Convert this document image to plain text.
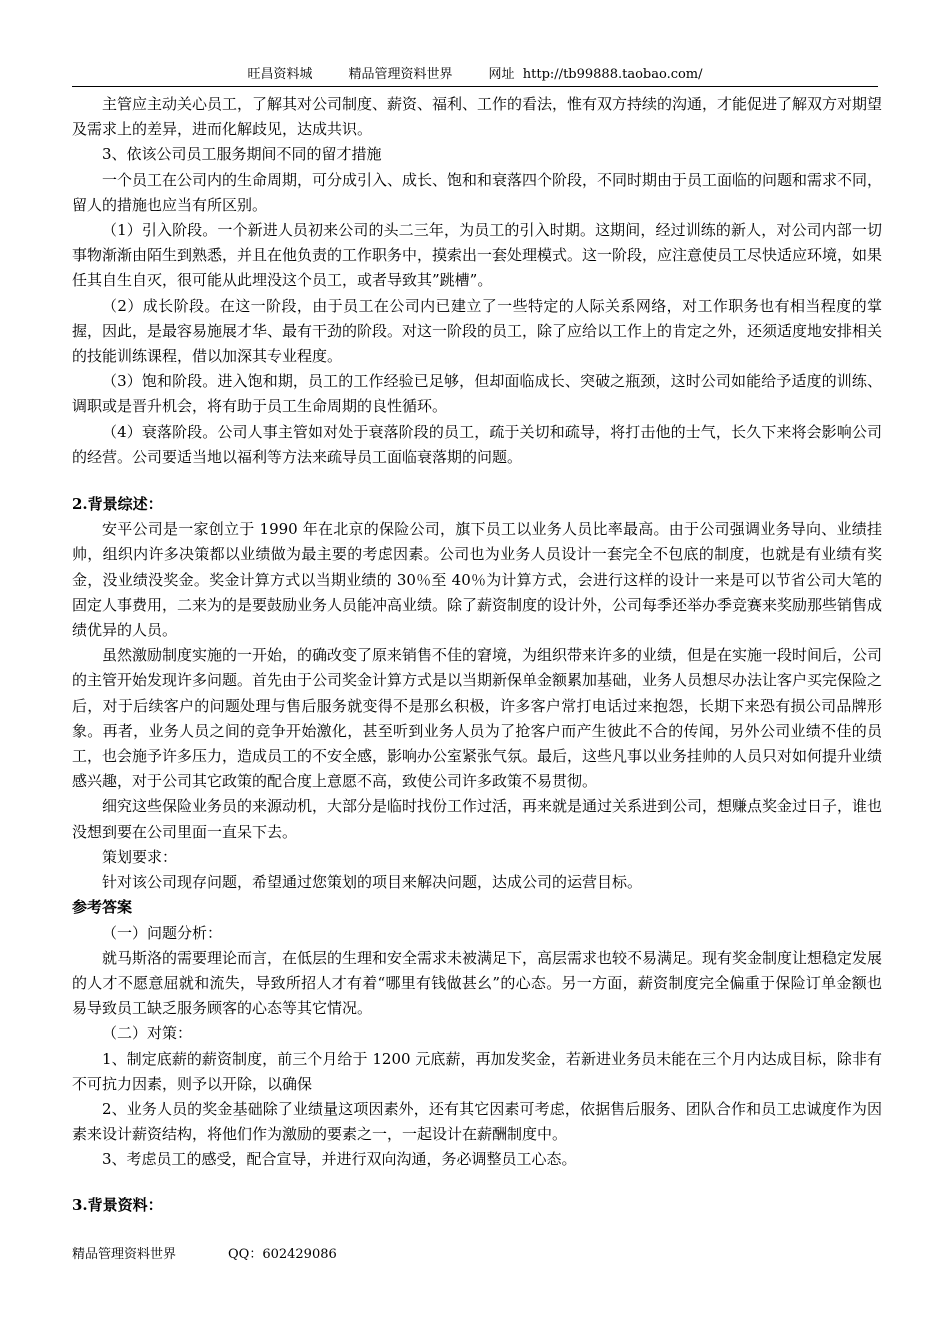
旺昌资料城	精品管理资料世界	网址 http://tb99888.taobao.com/

主管应主动关心员工，了解其对公司制度、薪资、福利、工作的看法，惟有双方持续的沟通，才能促进了解双方对期望及需求上的差异，进而化解歧见，达成共识。

3、依该公司员工服务期间不同的留才措施

一个员工在公司内的生命周期，可分成引入、成长、饱和和衰落四个阶段，不同时期由于员工面临的问题和需求不同，留人的措施也应当有所区别。

（1）引入阶段。一个新进人员初来公司的头二三年，为员工的引入时期。这期间，经过训练的新人，对公司内部一切事物渐渐由陌生到熟悉，并且在他负责的工作职务中，摸索出一套处理模式。这一阶段，应注意使员工尽快适应环境，如果任其自生自灭，很可能从此埋没这个员工，或者导致其”跳槽”。

（2）成长阶段。在这一阶段，由于员工在公司内已建立了一些特定的人际关系网络，对工作职务也有相当程度的掌握，因此，是最容易施展才华、最有干劲的阶段。对这一阶段的员工，除了应给以工作上的肯定之外，还须适度地安排相关的技能训练课程，借以加深其专业程度。

（3）饱和阶段。进入饱和期，员工的工作经验已足够，但却面临成长、突破之瓶颈，这时公司如能给予适度的训练、调职或是晋升机会，将有助于员工生命周期的良性循环。

（4）衰落阶段。公司人事主管如对处于衰落阶段的员工，疏于关切和疏导，将打击他的士气，长久下来将会影响公司的经营。公司要适当地以福利等方法来疏导员工面临衰落期的问题。

2.背景综述：

安平公司是一家创立于 1990 年在北京的保险公司，旗下员工以业务人员比率最高。由于公司强调业务导向、业绩挂帅，组织内许多决策都以业绩做为最主要的考虑因素。公司也为业务人员设计一套完全不包底的制度，也就是有业绩有奖金，没业绩没奖金。奖金计算方式以当期业绩的 30％至 40％为计算方式，会进行这样的设计一来是可以节省公司大笔的固定人事费用，二来为的是要鼓励业务人员能冲高业绩。除了薪资制度的设计外，公司每季还举办季竞赛来奖励那些销售成绩优异的人员。

虽然激励制度实施的一开始，的确改变了原来销售不佳的窘境，为组织带来许多的业绩，但是在实施一段时间后，公司的主管开始发现许多问题。首先由于公司奖金计算方式是以当期新保单金额累加基础，业务人员想尽办法让客户买完保险之后，对于后续客户的问题处理与售后服务就变得不是那幺积极，许多客户常打电话过来抱怨，长期下来恐有损公司品牌形象。再者，业务人员之间的竞争开始激化，甚至听到业务人员为了抢客户而产生彼此不合的传闻，另外公司业绩不佳的员工，也会施予许多压力，造成员工的不安全感，影响办公室紧张气氛。最后，这些凡事以业务挂帅的人员只对如何提升业绩感兴趣，对于公司其它政策的配合度上意愿不高，致使公司许多政策不易贯彻。

细究这些保险业务员的来源动机，大部分是临时找份工作过活，再来就是通过关系进到公司，想赚点奖金过日子，谁也没想到要在公司里面一直呆下去。

策划要求：

针对该公司现存问题，希望通过您策划的项目来解决问题，达成公司的运营目标。

参考答案

（一）问题分析：

就马斯洛的需要理论而言，在低层的生理和安全需求未被满足下，高层需求也较不易满足。现有奖金制度让想稳定发展的人才不愿意屈就和流失，导致所招人才有着“哪里有钱做甚幺”的心态。另一方面，薪资制度完全偏重于保险订单金额也易导致员工缺乏服务顾客的心态等其它情况。

（二）对策：

1、制定底薪的薪资制度，前三个月给于 1200 元底薪，再加发奖金，若新进业务员未能在三个月内达成目标，除非有不可抗力因素，则予以开除，以确保

2、业务人员的奖金基础除了业绩量这项因素外，还有其它因素可考虑，依据售后服务、团队合作和员工忠诚度作为因素来设计薪资结构，将他们作为激励的要素之一，一起设计在薪酬制度中。

3、考虑员工的感受，配合宣导，并进行双向沟通，务必调整员工心态。

3.背景资料：

精品管理资料世界	QQ：602429086
